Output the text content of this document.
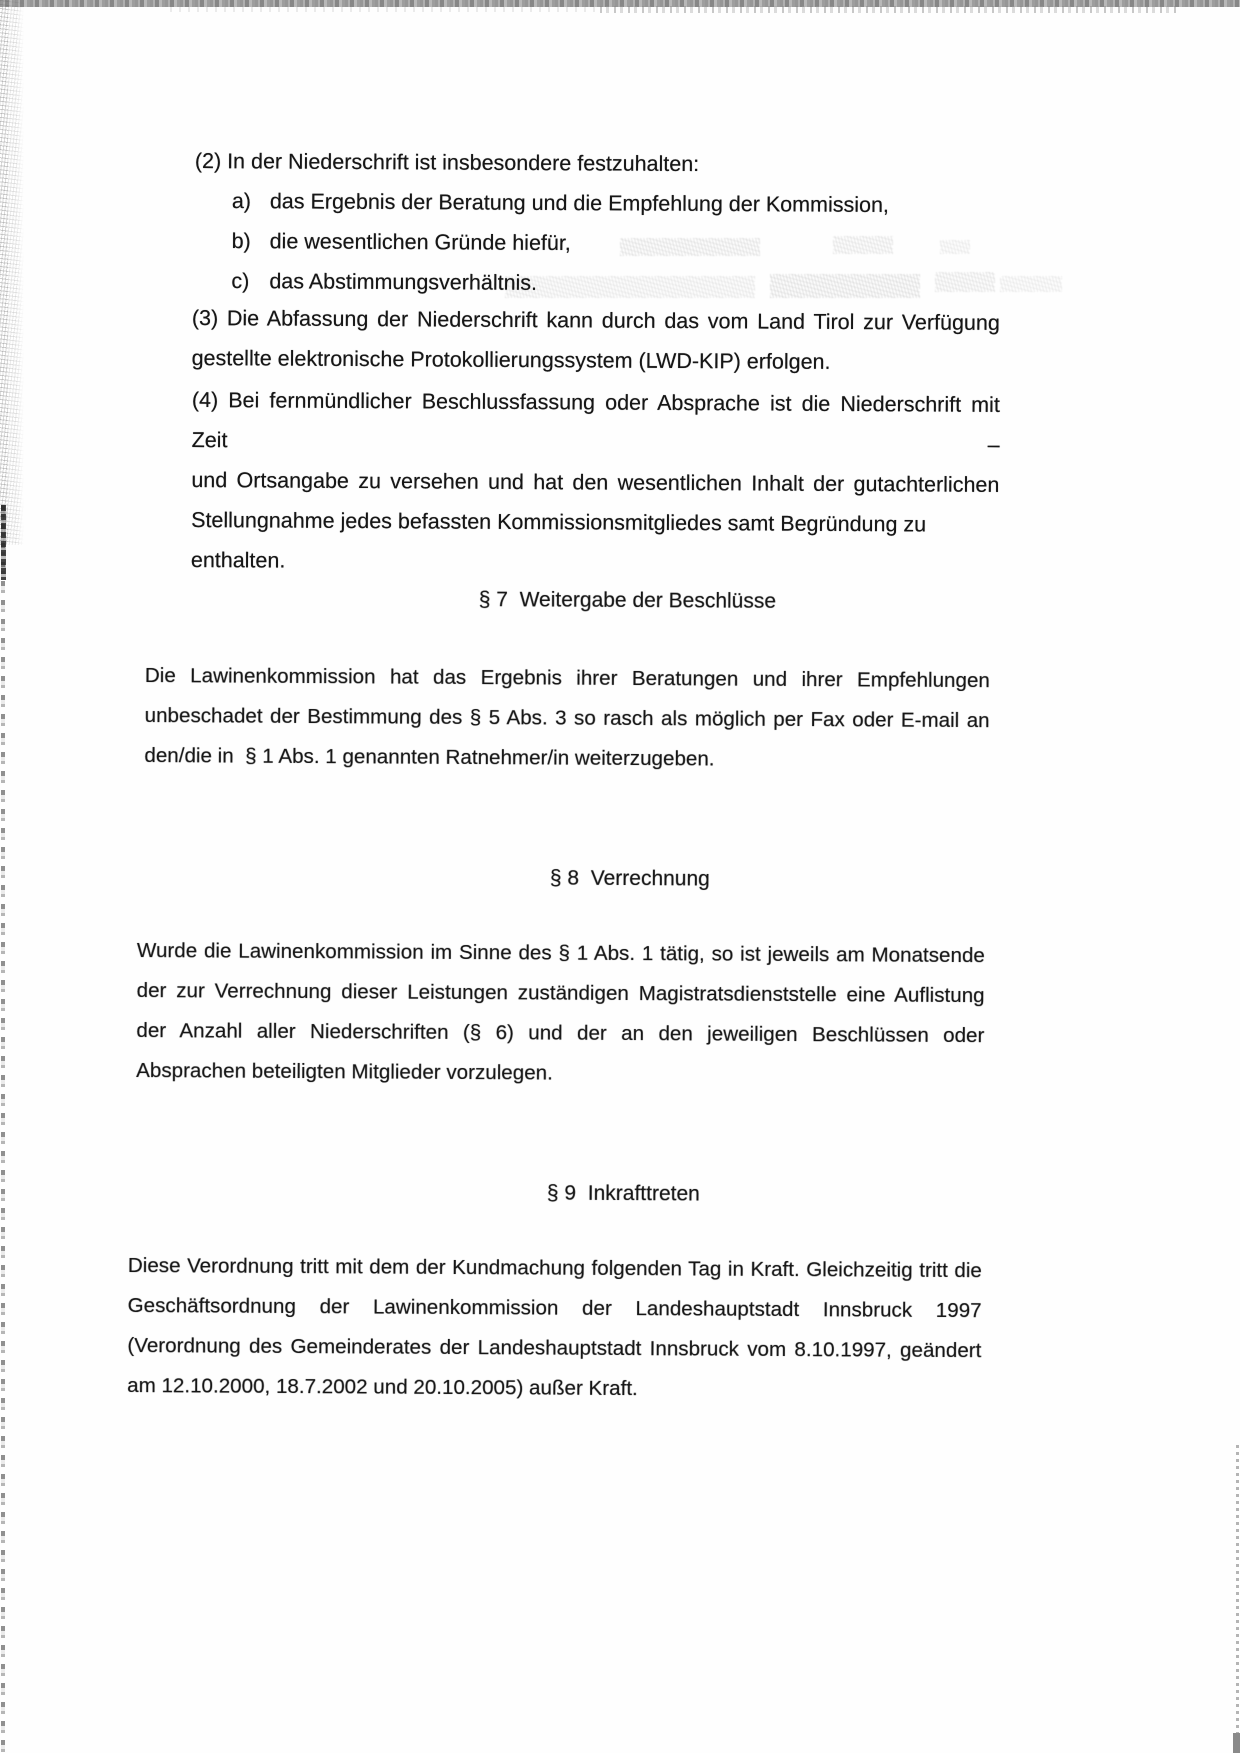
(2) In der Niederschrift ist insbesondere festzuhalten:
a) das Ergebnis der Beratung und die Empfehlung der Kommission,
b) die wesentlichen Gründe hiefür,
c) das Abstimmungsverhältnis.
(3) Die Abfassung der Niederschrift kann durch das vom Land Tirol zur Verfügung
gestellte elektronische Protokollierungssystem (LWD-KIP) erfolgen.
(4) Bei fernmündlicher Beschlussfassung oder Absprache ist die Niederschrift mit Zeit –
und Ortsangabe zu versehen und hat den wesentlichen Inhalt der gutachterlichen
Stellungnahme jedes befassten Kommissionsmitgliedes samt Begründung zu enthalten.
§ 7  Weitergabe der Beschlüsse
Die Lawinenkommission hat das Ergebnis ihrer Beratungen und ihrer Empfehlungen
unbeschadet der Bestimmung des § 5 Abs. 3 so rasch als möglich per Fax oder E-mail an
den/die in  § 1 Abs. 1 genannten Ratnehmer/in weiterzugeben.
§ 8  Verrechnung
Wurde die Lawinenkommission im Sinne des § 1 Abs. 1 tätig, so ist jeweils am Monatsende
der zur Verrechnung dieser Leistungen zuständigen Magistratsdienststelle eine Auflistung
der Anzahl aller Niederschriften (§ 6) und der an den jeweiligen Beschlüssen oder
Absprachen beteiligten Mitglieder vorzulegen.
§ 9  Inkrafttreten
Diese Verordnung tritt mit dem der Kundmachung folgenden Tag in Kraft. Gleichzeitig tritt die
Geschäftsordnung der Lawinenkommission der Landeshauptstadt Innsbruck 1997
(Verordnung des Gemeinderates der Landeshauptstadt Innsbruck vom 8.10.1997, geändert
am 12.10.2000, 18.7.2002 und 20.10.2005) außer Kraft.
